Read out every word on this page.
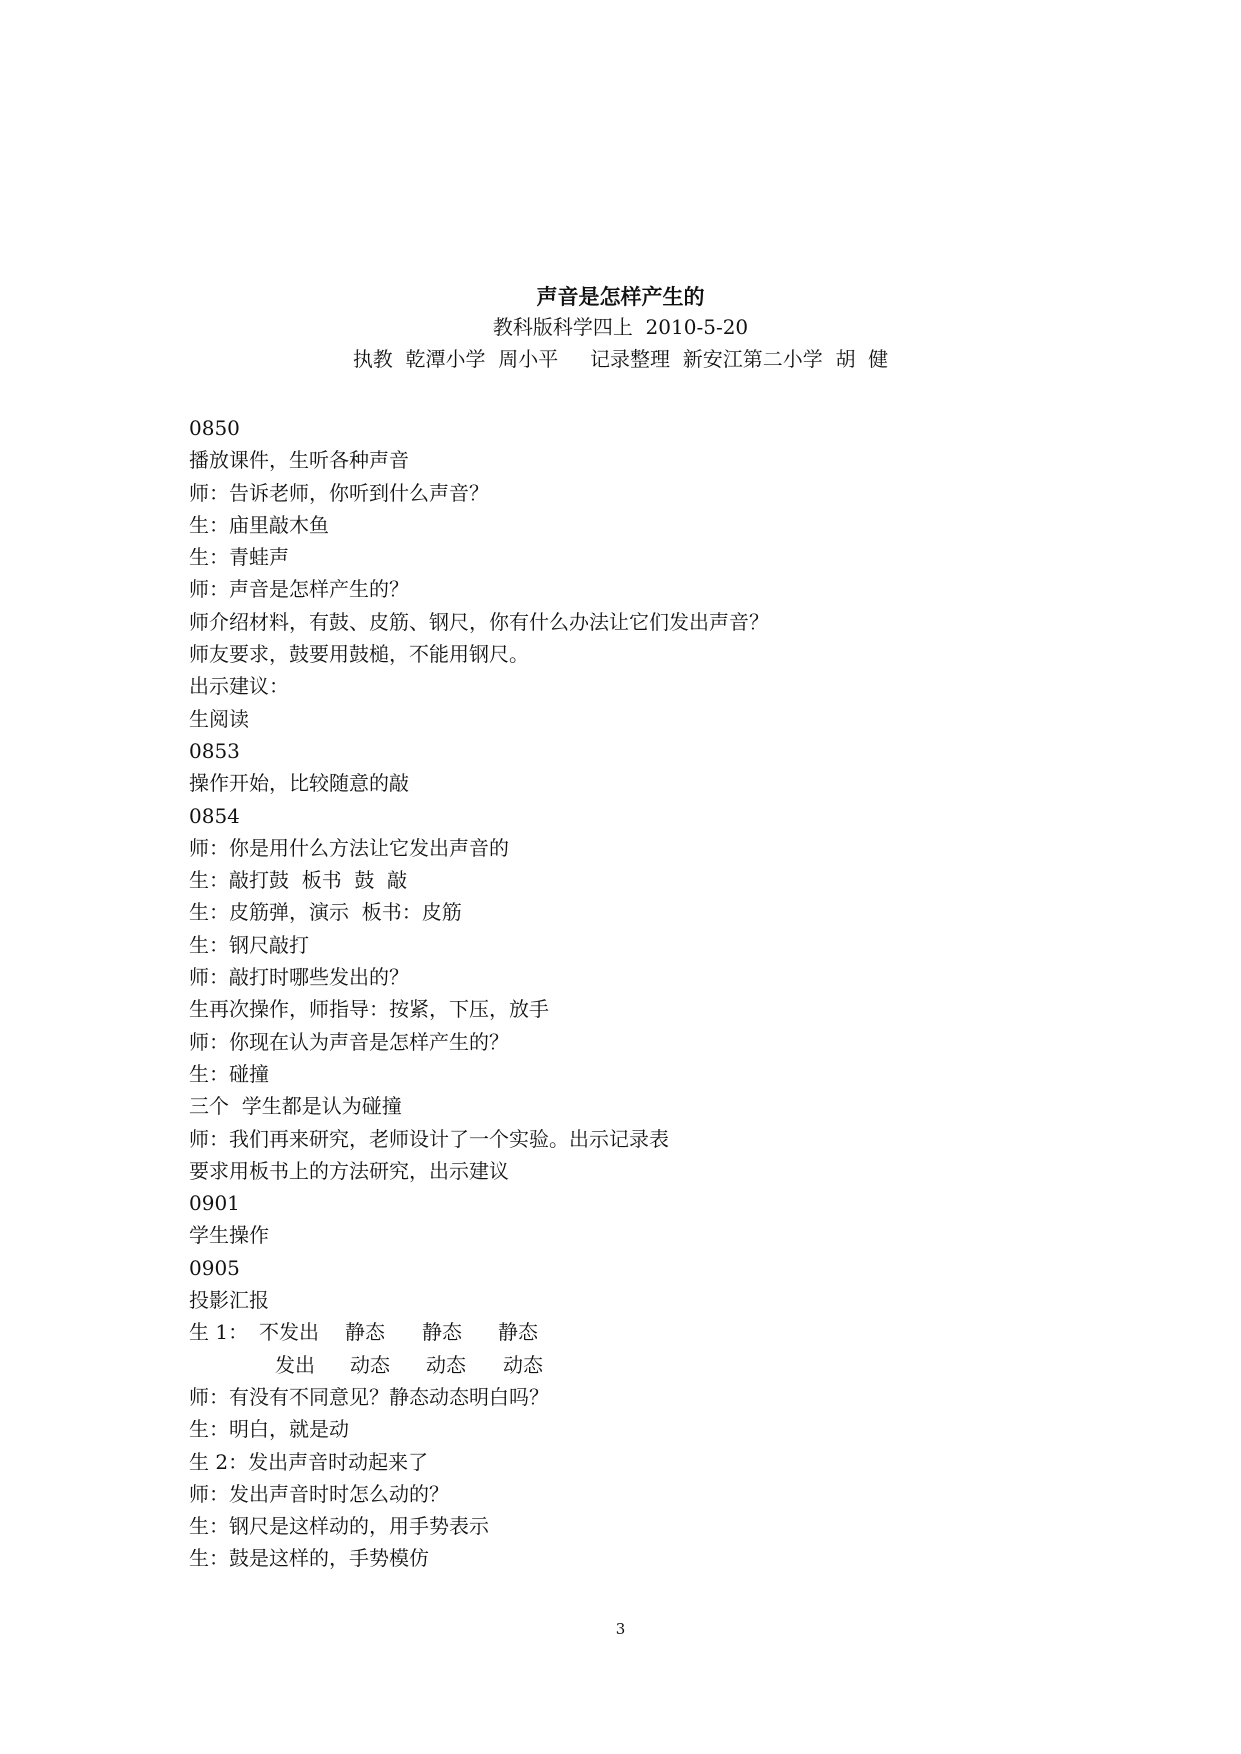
声音是怎样产生的

教科版科学四上  2010-5-20

执教  乾潭小学  周小平     记录整理  新安江第二小学  胡  健

0850
播放课件，生听各种声音
师：告诉老师，你听到什么声音？
生：庙里敲木鱼
生：青蛙声
师：声音是怎样产生的？
师介绍材料，有鼓、皮筋、钢尺，你有什么办法让它们发出声音？
师友要求，鼓要用鼓槌，不能用钢尺。
出示建议：
生阅读
0853
操作开始，比较随意的敲
0854
师：你是用什么方法让它发出声音的
生：敲打鼓  板书  鼓  敲
生：皮筋弹，演示  板书：皮筋
生：钢尺敲打
师：敲打时哪些发出的？
生再次操作，师指导：按紧，下压，放手
师：你现在认为声音是怎样产生的？
生：碰撞
三个  学生都是认为碰撞
师：我们再来研究，老师设计了一个实验。出示记录表
要求用板书上的方法研究，出示建议
0901
学生操作
0905
投影汇报
生 1： 不发出 静态 静态 静态
发出 动态 动态 动态
师：有没有不同意见？静态动态明白吗？
生：明白，就是动
生 2：发出声音时动起来了
师：发出声音时时怎么动的？
生：钢尺是这样动的，用手势表示
生：鼓是这样的，手势模仿
3
